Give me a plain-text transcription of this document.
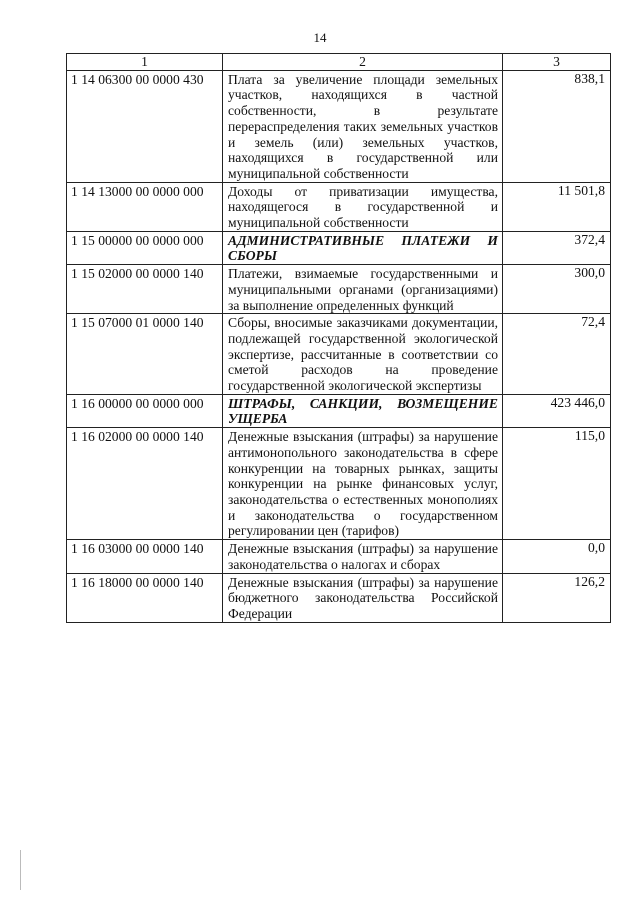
14
1	2	3
1 14 06300 00 0000 430	Плата за увеличение площади земельных участков, находящихся в частной собственности, в результате перераспределения таких земельных участков и земель (или) земельных участков, находящихся в государственной или муниципальной собственности	838,1
1 14 13000 00 0000 000	Доходы от приватизации имущества, находящегося в государственной и муниципальной собственности	11 501,8
1 15 00000 00 0000 000	АДМИНИСТРАТИВНЫЕ ПЛАТЕЖИ И СБОРЫ	372,4
1 15 02000 00 0000 140	Платежи, взимаемые государственными и муниципальными органами (организациями) за выполнение определенных функций	300,0
1 15 07000 01 0000 140	Сборы, вносимые заказчиками документации, подлежащей государственной экологической экспертизе, рассчитанные в соответствии со сметой расходов на проведение государственной экологической экспертизы	72,4
1 16 00000 00 0000 000	ШТРАФЫ, САНКЦИИ, ВОЗМЕЩЕНИЕ УЩЕРБА	423 446,0
1 16 02000 00 0000 140	Денежные взыскания (штрафы) за нарушение антимонопольного законодательства в сфере конкуренции на товарных рынках, защиты конкуренции на рынке финансовых услуг, законодательства о естественных монополиях и законодательства о государственном регулировании цен (тарифов)	115,0
1 16 03000 00 0000 140	Денежные взыскания (штрафы) за нарушение законодательства о налогах и сборах	0,0
1 16 18000 00 0000 140	Денежные взыскания (штрафы) за нарушение бюджетного законодательства Российской Федерации	126,2
